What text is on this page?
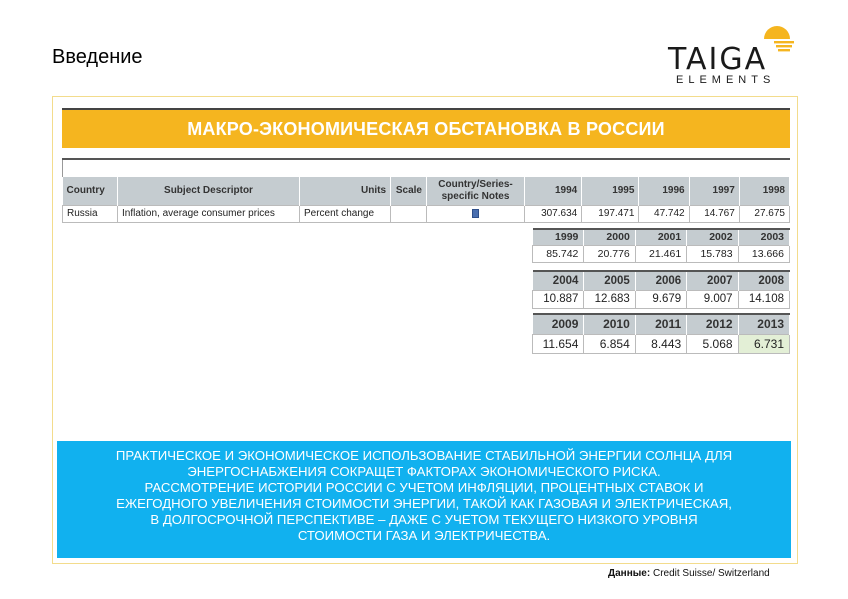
Введение	TAIGA
ELEMENTS
МАКРО-ЭКОНОМИЧЕСКАЯ ОБСТАНОВКА В РОССИИ

Country	Subject Descriptor	Units	Scale	Country/Series-specific Notes	1994	1995	1996	1997	1998
Russia	Inflation, average consumer prices	Percent change			307.634	197.471	47.742	14.767	27.675
1999	2000	2001	2002	2003
85.742	20.776	21.461	15.783	13.666
2004	2005	2006	2007	2008
10.887	12.683	9.679	9.007	14.108
2009	2010	2011	2012	2013
11.654	6.854	8.443	5.068	6.731
ПРАКТИЧЕСКОЕ И ЭКОНОМИЧЕСКОЕ ИСПОЛЬЗОВАНИЕ СТАБИЛЬНОЙ ЭНЕРГИИ СОЛНЦА ДЛЯ
ЭНЕРГОСНАБЖЕНИЯ СОКРАЩЕТ ФАКТОРАХ ЭКОНОМИЧЕСКОГО РИСКА.
РАССМОТРЕНИЕ ИСТОРИИ РОССИИ С УЧЕТОМ ИНФЛЯЦИИ, ПРОЦЕНТНЫХ СТАВОК И
ЕЖЕГОДНОГО УВЕЛИЧЕНИЯ СТОИМОСТИ ЭНЕРГИИ, ТАКОЙ КАК ГАЗОВАЯ И ЭЛЕКТРИЧЕСКАЯ,
В ДОЛГОСРОЧНОЙ ПЕРСПЕКТИВЕ – ДАЖЕ С УЧЕТОМ ТЕКУЩЕГО НИЗКОГО УРОВНЯ
СТОИМОСТИ ГАЗА И ЭЛЕКТРИЧЕСТВА.
Данные: Credit Suisse/ Switzerland
